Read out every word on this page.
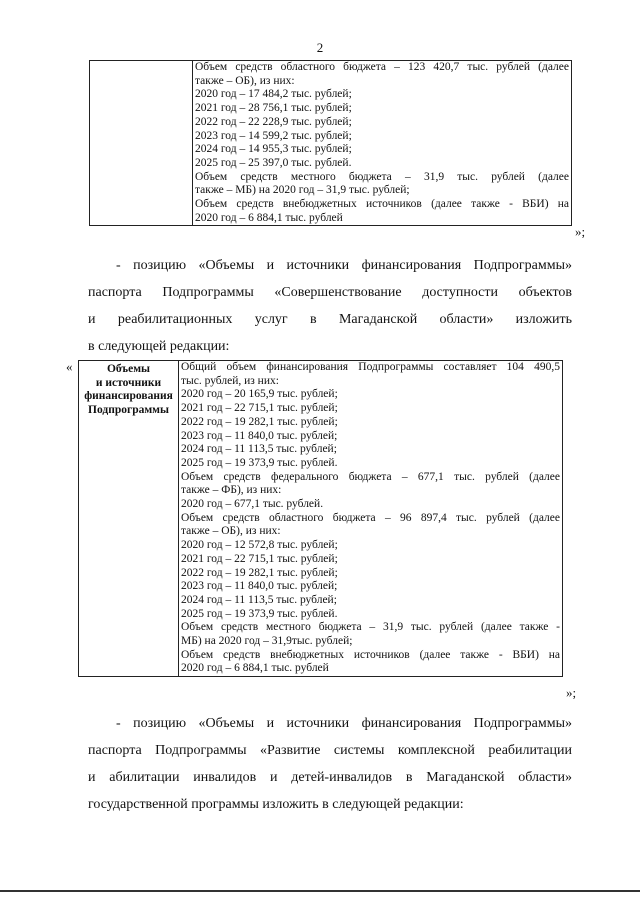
2

Объем средств областного бюджета – 123 420,7 тыс. рублей (далее
также – ОБ), из них:
2020 год – 17 484,2 тыс. рублей;
2021 год – 28 756,1 тыс. рублей;
2022 год – 22 228,9 тыс. рублей;
2023 год – 14 599,2 тыс. рублей;
2024 год – 14 955,3 тыс. рублей;
2025 год – 25 397,0 тыс. рублей.
Объем средств местного бюджета – 31,9 тыс. рублей (далее
также – МБ) на 2020 год – 31,9 тыс. рублей;
Объем средств внебюджетных источников (далее также - ВБИ) на
2020 год – 6 884,1 тыс. рублей
»;
- позицию «Объемы и источники финансирования Подпрограммы»
паспорта Подпрограммы «Совершенствование доступности объектов
и реабилитационных услуг в Магаданской области» изложить
в следующей редакции:
«	Объемы
и источники
финансирования
Подпрограммы

Общий объем финансирования Подпрограммы составляет 104 490,5
тыс. рублей, из них:
2020 год – 20 165,9 тыс. рублей;
2021 год – 22 715,1 тыс. рублей;
2022 год – 19 282,1 тыс. рублей;
2023 год – 11 840,0 тыс. рублей;
2024 год – 11 113,5 тыс. рублей;
2025 год – 19 373,9 тыс. рублей.
Объем средств федерального бюджета – 677,1 тыс. рублей (далее
также – ФБ), из них:
2020 год – 677,1 тыс. рублей.
Объем средств областного бюджета – 96 897,4 тыс. рублей (далее
также – ОБ), из них:
2020 год – 12 572,8 тыс. рублей;
2021 год – 22 715,1 тыс. рублей;
2022 год – 19 282,1 тыс. рублей;
2023 год – 11 840,0 тыс. рублей;
2024 год – 11 113,5 тыс. рублей;
2025 год – 19 373,9 тыс. рублей.
Объем средств местного бюджета – 31,9 тыс. рублей (далее также -
МБ) на 2020 год – 31,9тыс. рублей;
Объем средств внебюджетных источников (далее также - ВБИ) на
2020 год – 6 884,1 тыс. рублей
»;
- позицию «Объемы и источники финансирования Подпрограммы»
паспорта Подпрограммы «Развитие системы комплексной реабилитации
и абилитации инвалидов и детей-инвалидов в Магаданской области»
государственной программы изложить в следующей редакции:
